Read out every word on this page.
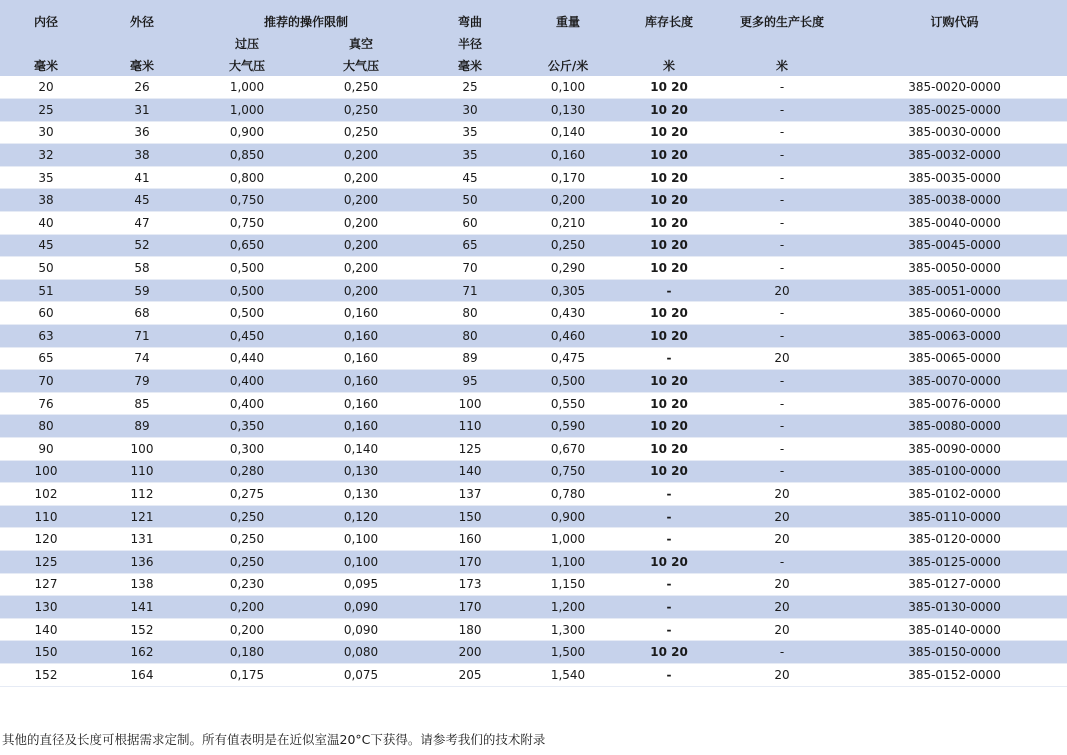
内径	外径	推荐的操作限制		弯曲	重量	库存长度	更多的生产长度	订购代码
		过压	真空	半径				
毫米	毫米	大气压	大气压	毫米	公斤/米	米	米	
20	26	1,000	0,250	25	0,100	10 20	-	385-0020-0000
25	31	1,000	0,250	30	0,130	10 20	-	385-0025-0000
30	36	0,900	0,250	35	0,140	10 20	-	385-0030-0000
32	38	0,850	0,200	35	0,160	10 20	-	385-0032-0000
35	41	0,800	0,200	45	0,170	10 20	-	385-0035-0000
38	45	0,750	0,200	50	0,200	10 20	-	385-0038-0000
40	47	0,750	0,200	60	0,210	10 20	-	385-0040-0000
45	52	0,650	0,200	65	0,250	10 20	-	385-0045-0000
50	58	0,500	0,200	70	0,290	10 20	-	385-0050-0000
51	59	0,500	0,200	71	0,305	-	20	385-0051-0000
60	68	0,500	0,160	80	0,430	10 20	-	385-0060-0000
63	71	0,450	0,160	80	0,460	10 20	-	385-0063-0000
65	74	0,440	0,160	89	0,475	-	20	385-0065-0000
70	79	0,400	0,160	95	0,500	10 20	-	385-0070-0000
76	85	0,400	0,160	100	0,550	10 20	-	385-0076-0000
80	89	0,350	0,160	110	0,590	10 20	-	385-0080-0000
90	100	0,300	0,140	125	0,670	10 20	-	385-0090-0000
100	110	0,280	0,130	140	0,750	10 20	-	385-0100-0000
102	112	0,275	0,130	137	0,780	-	20	385-0102-0000
110	121	0,250	0,120	150	0,900	-	20	385-0110-0000
120	131	0,250	0,100	160	1,000	-	20	385-0120-0000
125	136	0,250	0,100	170	1,100	10 20	-	385-0125-0000
127	138	0,230	0,095	173	1,150	-	20	385-0127-0000
130	141	0,200	0,090	170	1,200	-	20	385-0130-0000
140	152	0,200	0,090	180	1,300	-	20	385-0140-0000
150	162	0,180	0,080	200	1,500	10 20	-	385-0150-0000
152	164	0,175	0,075	205	1,540	-	20	385-0152-0000
其他的直径及长度可根据需求定制。所有值表明是在近似室温20°C下获得。请参考我们的技术附录
